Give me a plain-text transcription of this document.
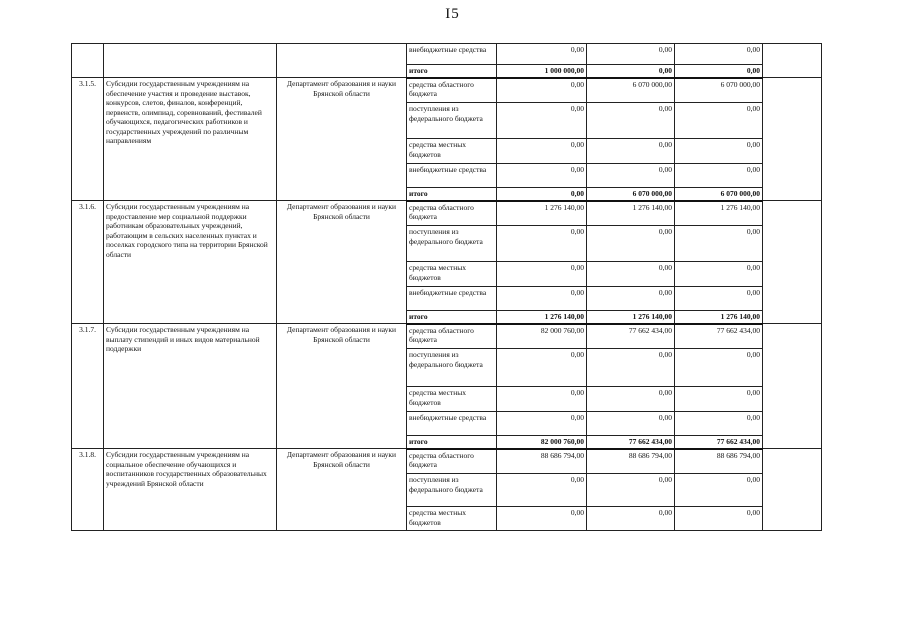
I5
			внебюджетные средства	0,00	0,00	0,00	
			итого	1 000 000,00	0,00	0,00	
3.1.5.	Субсидии государственным учреждениям на обеспечение участия и проведение выставок, конкурсов, слетов, финалов, конференций, первенств, олимпиад, соревнований, фестивалей обучающихся, педагогических работников и государственных учреждений по различным направлениям	Департамент образования и науки Брянской области	средства областного бюджета	0,00	6 070 000,00	6 070 000,00	
			поступления из федерального бюджета	0,00	0,00	0,00	
			средства местных бюджетов	0,00	0,00	0,00	
			внебюджетные средства	0,00	0,00	0,00	
			итого	0,00	6 070 000,00	6 070 000,00	
3.1.6.	Субсидии государственным учреждениям на предоставление мер социальной поддержки работникам образовательных учреждений, работающим в сельских населенных пунктах и поселках городского типа на территории Брянской области	Департамент образования и науки Брянской области	средства областного бюджета	1 276 140,00	1 276 140,00	1 276 140,00	
			поступления из федерального бюджета	0,00	0,00	0,00	
			средства местных бюджетов	0,00	0,00	0,00	
			внебюджетные средства	0,00	0,00	0,00	
			итого	1 276 140,00	1 276 140,00	1 276 140,00	
3.1.7.	Субсидии государственным учреждениям на выплату стипендий и иных видов материальной поддержки	Департамент образования и науки Брянской области	средства областного бюджета	82 000 760,00	77 662 434,00	77 662 434,00	
			поступления из федерального бюджета	0,00	0,00	0,00	
			средства местных бюджетов	0,00	0,00	0,00	
			внебюджетные средства	0,00	0,00	0,00	
			итого	82 000 760,00	77 662 434,00	77 662 434,00	
3.1.8.	Субсидии государственным учреждениям на социальное обеспечение обучающихся и воспитанников государственных образовательных учреждений Брянской области	Департамент образования и науки Брянской области	средства областного бюджета	88 686 794,00	88 686 794,00	88 686 794,00	
			поступления из федерального бюджета	0,00	0,00	0,00	
			средства местных бюджетов	0,00	0,00	0,00	
